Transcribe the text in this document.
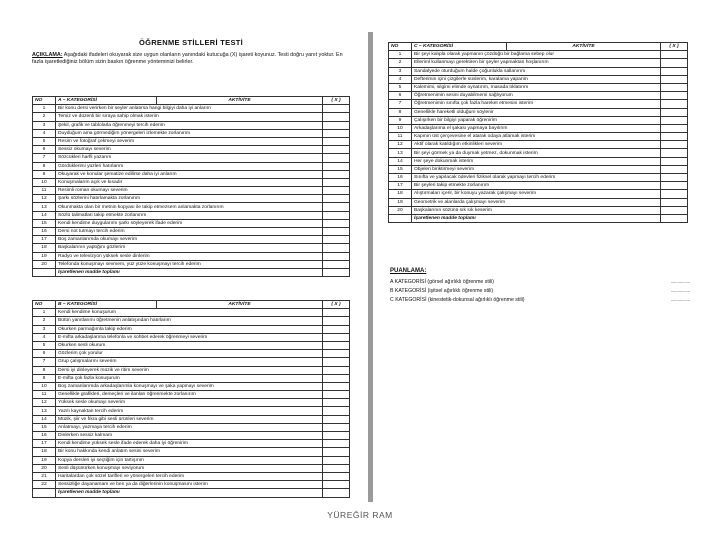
ÖĞRENME STİLLERİ TESTİ
AÇIKLAMA: Aşağıdaki ifadeleri okuyarak size uygun olanların yanındaki kutucuğa (X) işareti koyunuz. Testi doğru yanıt yoktur. En fazla işaretlediğiniz bölüm sizin baskın öğrenme yönteminizi belirler.
NO	A – KATEGORİSİ	AKTİVİTE	( X )
1	Bir konu dersi verirken bir seyler anlatırsa hangi bilgiyi daha iyi anlarım		
2	Temiz ve düzenli bir sıraya sahip olmak isterim		
3	Şekil, grafik ve tablolarla öğrenmeyi tercih ederim		
4	Duyduğum ama görmediğim yönergeleri izlemekte zorlanırım		
5	Resim ve fotoğraf çekmeyi severim		
6	Sessiz okumayı severim		
7	Sözcükleri harfli yazarım		
8	Gördüklerimi yüzleri hatırlarım		
9	Okuyarak ve konular şematize edilirse daha iyi anlarım		
10	Konuşmalarım açık ve kısadır		
11	Resimli roman okumayı severim		
12	Şarkı sözlerini hatırlamakta zorlanırım		
13	Okunmakta olan bir metnin kopyası ile takip etmezsem anlamakta zorlanırım		
14	Sözlü talimatları takip etmekte zorlanırım		
15	Kendi kendime duygularımı şarkı söyleyerek ifade ederim		
16	Dersi not tutmayı tercih ederim		
17	Boş zamanlarımda okumayı severim		
18	Başkalarının yaptığını gözlerim		
19	Radyo ve televizyon yüksek sesle dinlerim		
20	Telefonda konuşmayı sevmem, yüz yüze konuşmayı tercih ederim		
	İşaretlenen madde toplamı		
NO	B – KATEGORİSİ	AKTİVİTE	( X )
1	Kendi kendime konuşurum		
2	Bütün yanıtlarımı öğretmenin anlatışından hatırlarım		
3	Okurken parmağımla takip ederim		
4	E-mifta arkadaşlarıma telefonla ve sohbet ederek öğrenmeyi severim		
5	Okurken sesli okurum		
6	Gözlerim çok yorulur		
7	Grup çalışmalarını severim		
8	Dersi iyi dinleyerek müzik ve ritim severim		
9	E-mifta çok fazla konuşurum		
10	Boş zamanlarımda arkadaşlarımla konuşmayı ve şaka yapmayı severim		
11	Genellikle grafikleri, demeçleri ve ilanları öğrenmekte zorlanırım		
12	Yüksek sesle okumayı severim		
13	Yazılı kaynaktan tercih ederim		
14	Müzik, şiir ve fıkra gibi sesli ürünleri severim		
15	Anlatmayı, yazmaya tercih ederim		
16	Dinlerken sessiz kalmam		
17	Kendi kendime yüksek sesle ifade ederek daha iyi öğrenirim		
18	Bir konu hakkında kendi anlatım sesini severim		
19	Kopya dersleri iyi seçtiğim için tartışırım		
20	Sesli düşünürken konuşmayı seviyorum		
21	Haritalardan çok sözel tarifleri ve yönergeleri tercih ederim		
22	Sessizliğe dayanamam ve ben ya da diğerlerinin konuşmasını isterim		
	İşaretlenen madde toplamı		
NO	C – KATEGORİSİ	AKTİVİTE	( X )
1	Bir şeyi kalıpla olarak yapmanın çözdüğü bir bağlama sebep olur		
2	Elleriml kullanmayı gerektiren bir şeyler yapmaktan hoşlanırım		
3	Sandalyede oturduğum halde çoğunlukla sallanırım		
4	Defterimin içini çizgilerle süslerim, karalama yaparım		
5	Kalemimi, silgimi elimde oynatırım, masada tıklatırım		
6	Öğretmenimin sesini duyabilmemi sağlıyorum		
7	Öğretmenimin sınıfta çok fazla hareket etmesini isterim		
8	Genellikle hareketli olduğum söylenir		
9	Çalışırken bir bilgiyi yaparak öğrenirim		
10	Arkadaşlarıma el şakası yapmaya bayılırım		
11	Kapının üst çerçevesine el atarak odaya atlamak isterim		
12	Aktif olarak katıldığım etkinlikleri severim		
13	Bir şeyi görmek ya da duymak yetmez, dokunmak isterim		
14	Her şeye dokunmak isterim		
15	Objeleri biriktirmeyi severim		
16	Sınıfta ve yapılacak ödevleri fiziksel olarak yapmayı tercih ederim		
17	Bir şeyleri takip etmekte zorlanırım		
18	Alıştırmaları içerir, bir konuyu yazarak çalışmayı severim		
19	Geometrik ve alanlarda çalışmayı severim		
20	Başkalarının sözünü sık sık keserim		
	İşaretlenen madde toplamı		
PUANLAMA:
A KATEGORİSİ (görsel ağırlıklı öğrenme stili)	.................
B KATEGORİSİ (işitsel ağırlıklı öğrenme stili)	.................
C KATEGORİSİ (kinestetik-dokunsal ağırlıklı öğrenme stili)	.................
YÜREĞİR RAM
